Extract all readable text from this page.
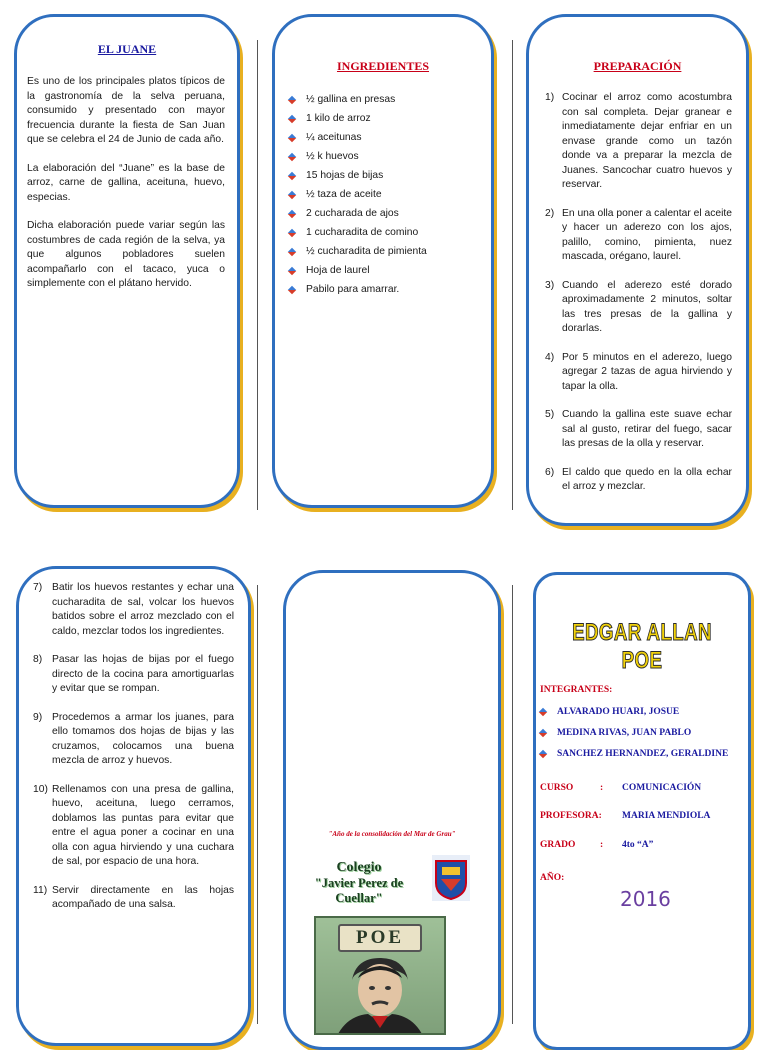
EL JUANE

Es uno de los principales platos típicos de la gastronomía de la selva peruana, consumido y presentado con mayor frecuencia durante la fiesta de San Juan que se celebra el 24 de Junio de cada año.

La elaboración del “Juane” es la base de arroz, carne de gallina, aceituna, huevo, especias.

Dicha elaboración puede variar según las costumbres de cada región de la selva, ya que algunos pobladores suelen acompañarlo con el tacaco, yuca o simplemente con el plátano hervido.

INGREDIENTES
½ gallina en presas
1 kilo de arroz
¼ aceitunas
½ k huevos
15 hojas de bijas
½ taza de aceite
2 cucharada de ajos
1 cucharadita de comino
½ cucharadita de pimienta
Hoja de laurel
Pabilo para amarrar.
PREPARACIÓN
1) Cocinar el arroz como acostumbra con sal completa. Dejar granear e inmediatamente dejar enfriar en un envase grande como un tazón donde va a preparar la mezcla de Juanes. Sancochar cuatro huevos y reservar.
2) En una olla poner a calentar el aceite y hacer un aderezo con los ajos, palillo, comino, pimienta, nuez mascada, orégano, laurel.
3) Cuando el aderezo esté dorado aproximadamente 2 minutos, soltar las tres presas de la gallina y dorarlas.
4) Por 5 minutos en el aderezo, luego agregar 2 tazas de agua hirviendo y tapar la olla.
5) Cuando la gallina este suave echar sal al gusto, retirar del fuego, sacar las presas de la olla y reservar.
6) El caldo que quedo en la olla echar el arroz y mezclar.
7) Batir los huevos restantes y echar una cucharadita de sal, volcar los huevos batidos sobre el arroz mezclado con el caldo, mezclar todos los ingredientes.
8) Pasar las hojas de bijas por el fuego directo de la cocina para amortiguarlas y evitar que se rompan.
9) Procedemos a armar los juanes, para ello tomamos dos hojas de bijas y las cruzamos, colocamos una buena mezcla de arroz y huevos.
10) Rellenamos con una presa de gallina, huevo, aceituna, luego cerramos, doblamos las puntas para evitar que entre el agua poner a cocinar en una olla con agua hirviendo y una cuchara de sal, por espacio de una hora.
11) Servir directamente en las hojas acompañado de una salsa.
"Año de la consolidación del Mar de Grau"
Colegio
"Javier Perez de Cuellar"
POE
EDGAR ALLAN POE
INTEGRANTES:
ALVARADO HUARI, JOSUE
MEDINA RIVAS, JUAN PABLO
SANCHEZ HERNANDEZ, GERALDINE
CURSO	: COMUNICACIÓN
PROFESORA: MARIA MENDIOLA
GRADO	: 4to “A”
AÑO:
2016
